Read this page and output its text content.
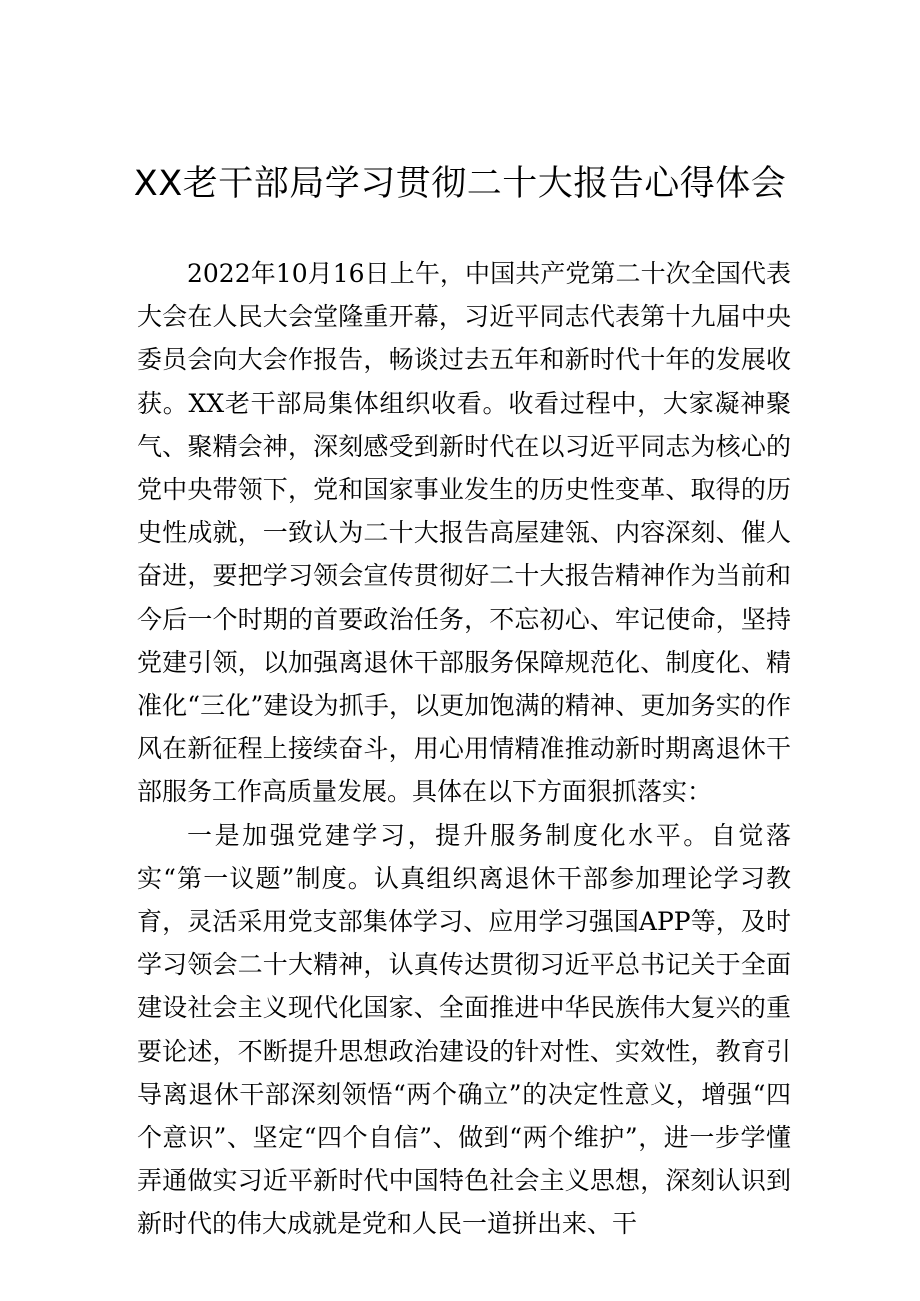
XX老干部局学习贯彻二十大报告心得体会

2022年10月16日上午，中国共产党第二十次全国代表大会在人民大会堂隆重开幕，习近平同志代表第十九届中央委员会向大会作报告，畅谈过去五年和新时代十年的发展收获。XX老干部局集体组织收看。收看过程中，大家凝神聚气、聚精会神，深刻感受到新时代在以习近平同志为核心的党中央带领下，党和国家事业发生的历史性变革、取得的历史性成就，一致认为二十大报告高屋建瓴、内容深刻、催人奋进，要把学习领会宣传贯彻好二十大报告精神作为当前和今后一个时期的首要政治任务，不忘初心、牢记使命，坚持党建引领，以加强离退休干部服务保障规范化、制度化、精准化“三化”建设为抓手，以更加饱满的精神、更加务实的作风在新征程上接续奋斗，用心用情精准推动新时期离退休干部服务工作高质量发展。具体在以下方面狠抓落实：

一是加强党建学习，提升服务制度化水平。自觉落实“第一议题”制度。认真组织离退休干部参加理论学习教育，灵活采用党支部集体学习、应用学习强国APP等，及时学习领会二十大精神，认真传达贯彻习近平总书记关于全面建设社会主义现代化国家、全面推进中华民族伟大复兴的重要论述，不断提升思想政治建设的针对性、实效性，教育引导离退休干部深刻领悟“两个确立”的决定性意义，增强“四个意识”、坚定“四个自信”、做到“两个维护”，进一步学懂弄通做实习近平新时代中国特色社会主义思想，深刻认识到新时代的伟大成就是党和人民一道拼出来、干
